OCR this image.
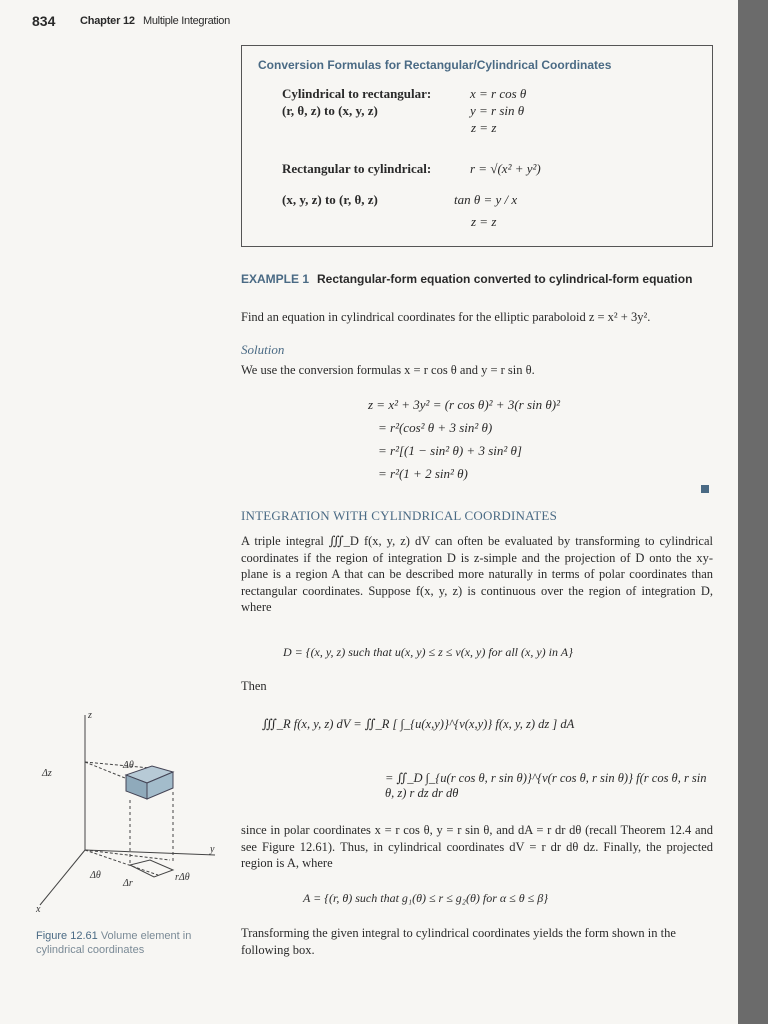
834 Chapter 12 Multiple Integration
Conversion Formulas for Rectangular/Cylindrical Coordinates
Cylindrical to rectangular:
(r, θ, z) to (x, y, z)
x = r cos θ
y = r sin θ
z = z
Rectangular to cylindrical:
(x, y, z) to (r, θ, z)
r = √(x² + y²)
tan θ = y / x
z = z
EXAMPLE 1 Rectangular-form equation converted to cylindrical-form equation
Find an equation in cylindrical coordinates for the elliptic paraboloid z = x² + 3y².
Solution
We use the conversion formulas x = r cos θ and y = r sin θ.
z = x² + 3y² = (r cos θ)² + 3(r sin θ)²
= r²(cos² θ + 3 sin² θ)
= r²[(1 − sin² θ) + 3 sin² θ]
= r²(1 + 2 sin² θ)
INTEGRATION WITH CYLINDRICAL COORDINATES
A triple integral ∭_D f(x, y, z) dV can often be evaluated by transforming to cylindrical coordinates if the region of integration D is z-simple and the projection of D onto the xy-plane is a region A that can be described more naturally in terms of polar coordinates than rectangular coordinates. Suppose f(x, y, z) is continuous over the region of integration D, where
D = {(x, y, z) such that u(x, y) ≤ z ≤ v(x, y) for all (x, y) in A}
Then
∭_R f(x, y, z) dV = ∬_R [ ∫_{u(x,y)}^{v(x,y)} f(x, y, z) dz ] dA
= ∬_D ∫_{u(r cos θ, r sin θ)}^{v(r cos θ, r sin θ)} f(r cos θ, r sin θ, z) r dz dr dθ
since in polar coordinates x = r cos θ, y = r sin θ, and dA = r dr dθ (recall Theorem 12.4 and see Figure 12.61). Thus, in cylindrical coordinates dV = r dr dθ dz. Finally, the projected region is A, where
A = {(r, θ) such that g₁(θ) ≤ r ≤ g₂(θ) for α ≤ θ ≤ β}
Transforming the given integral to cylindrical coordinates yields the form shown in the following box.
z
y
x
Δz
Δθ
Δθ
Δr
rΔθ
Figure 12.61 Volume element in cylindrical coordinates
